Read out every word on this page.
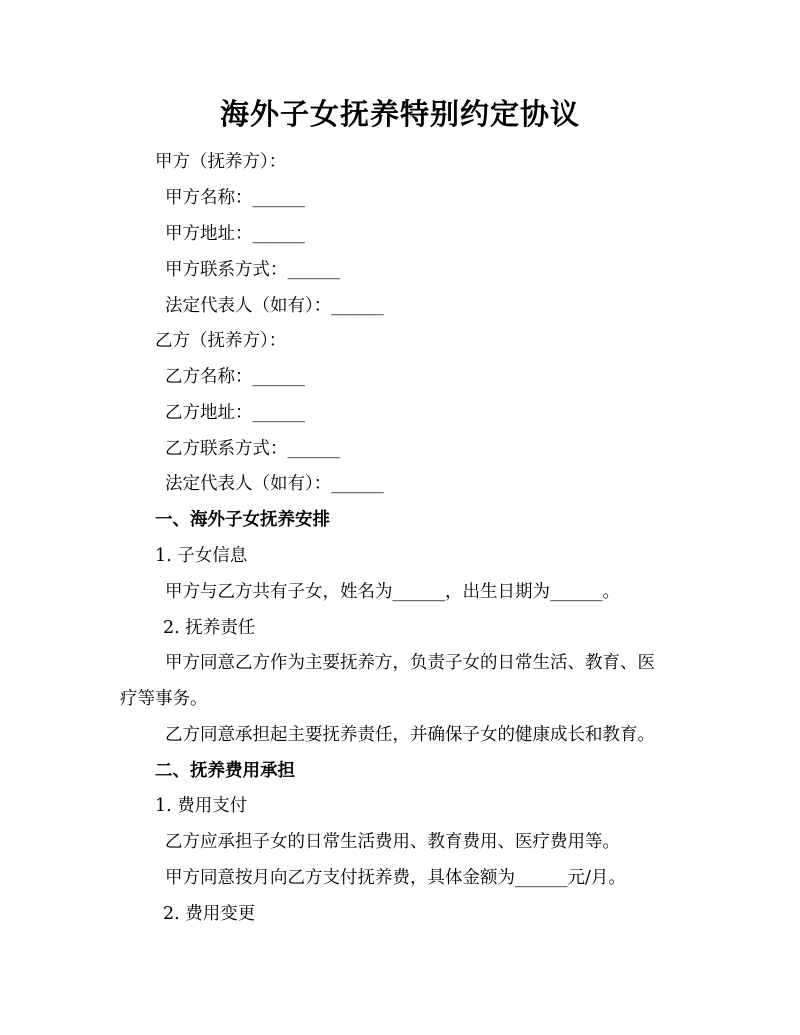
海外子女抚养特别约定协议

甲方（抚养方）：

甲方名称：______

甲方地址：______

甲方联系方式：______

法定代表人（如有）：______

乙方（抚养方）：

乙方名称：______

乙方地址：______

乙方联系方式：______

法定代表人（如有）：______

一、海外子女抚养安排

1. 子女信息

甲方与乙方共有子女，姓名为______，出生日期为______。

2. 抚养责任

甲方同意乙方作为主要抚养方，负责子女的日常生活、教育、医

疗等事务。

乙方同意承担起主要抚养责任，并确保子女的健康成长和教育。

二、抚养费用承担

1. 费用支付

乙方应承担子女的日常生活费用、教育费用、医疗费用等。

甲方同意按月向乙方支付抚养费，具体金额为______元/月。

2. 费用变更
